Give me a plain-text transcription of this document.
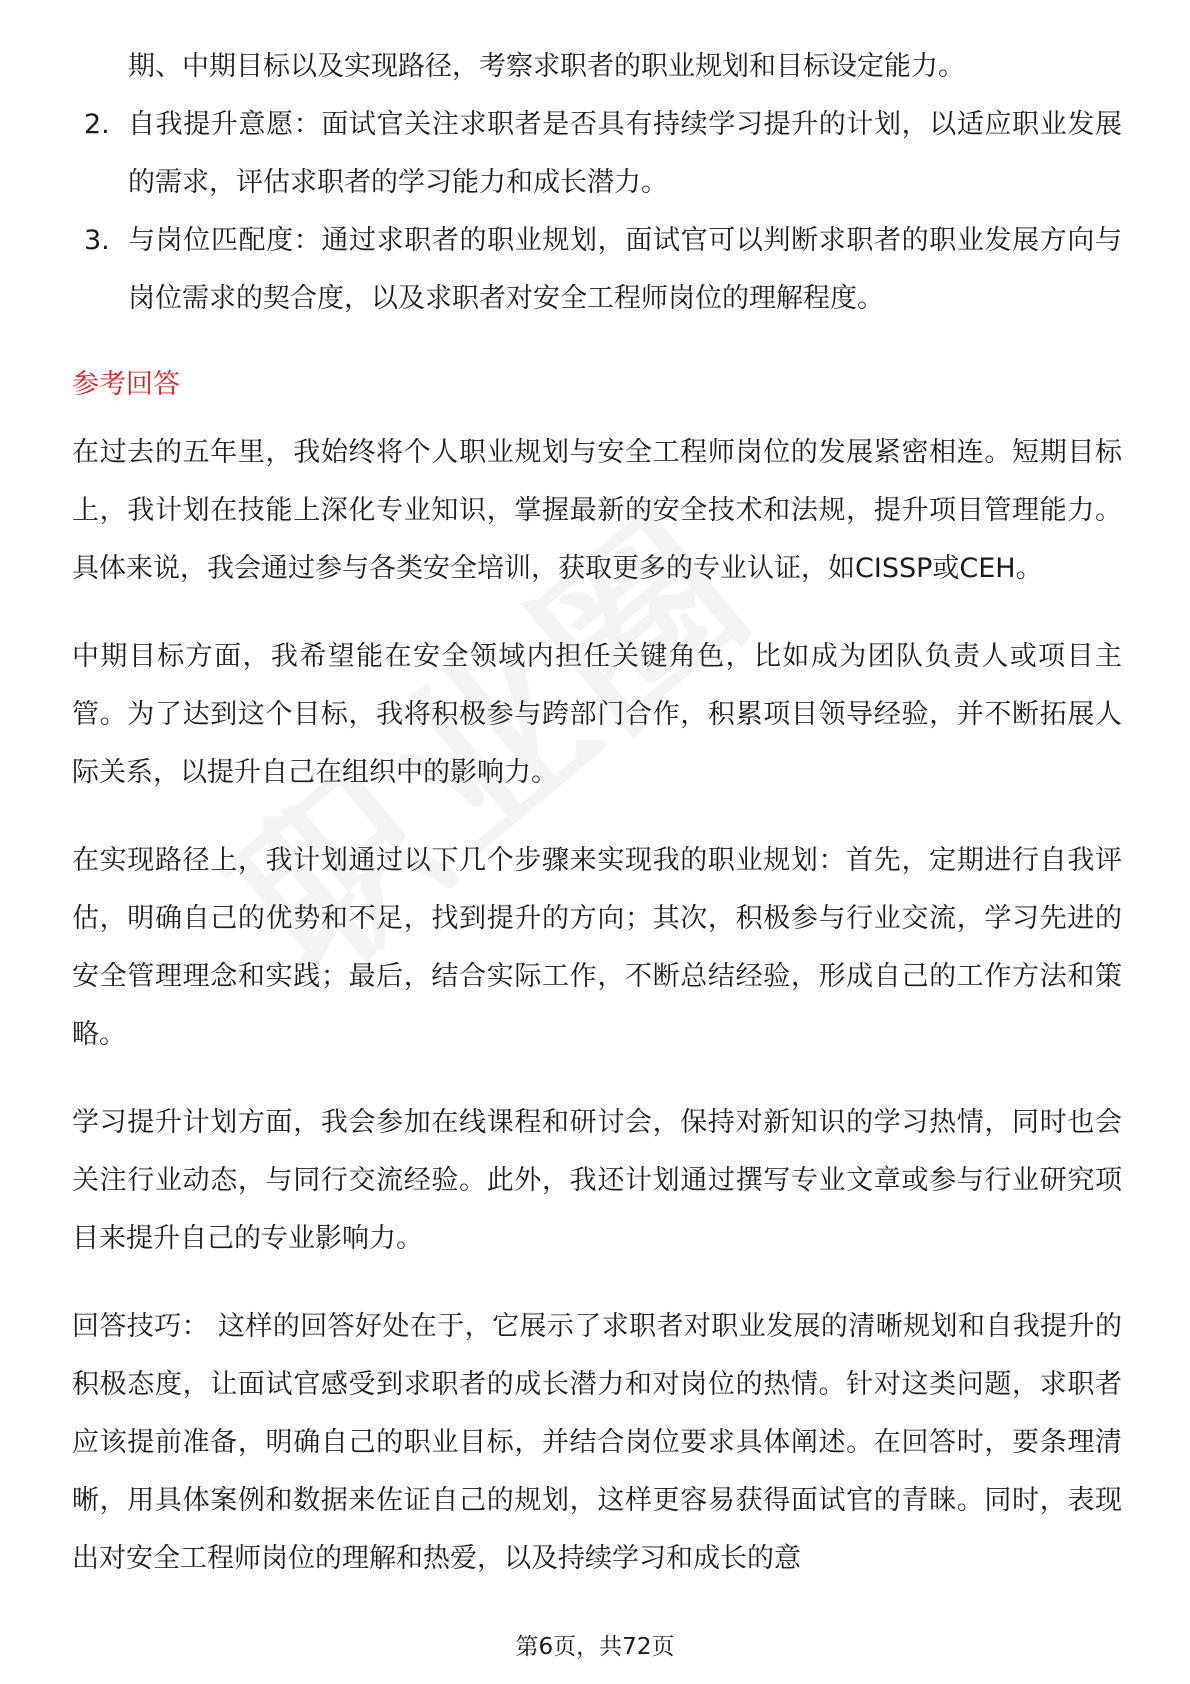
期、中期目标以及实现路径，考察求职者的职业规划和目标设定能力。
2. 自我提升意愿：面试官关注求职者是否具有持续学习提升的计划，以适应职业发展的需求，评估求职者的学习能力和成长潜力。
3. 与岗位匹配度：通过求职者的职业规划，面试官可以判断求职者的职业发展方向与岗位需求的契合度，以及求职者对安全工程师岗位的理解程度。
参考回答

在过去的五年里，我始终将个人职业规划与安全工程师岗位的发展紧密相连。短期目标上，我计划在技能上深化专业知识，掌握最新的安全技术和法规，提升项目管理能力。具体来说，我会通过参与各类安全培训，获取更多的专业认证，如CISSP或CEH。

中期目标方面，我希望能在安全领域内担任关键角色，比如成为团队负责人或项目主管。为了达到这个目标，我将积极参与跨部门合作，积累项目领导经验，并不断拓展人际关系，以提升自己在组织中的影响力。

在实现路径上，我计划通过以下几个步骤来实现我的职业规划：首先，定期进行自我评估，明确自己的优势和不足，找到提升的方向；其次，积极参与行业交流，学习先进的安全管理理念和实践；最后，结合实际工作，不断总结经验，形成自己的工作方法和策略。

学习提升计划方面，我会参加在线课程和研讨会，保持对新知识的学习热情，同时也会关注行业动态，与同行交流经验。此外，我还计划通过撰写专业文章或参与行业研究项目来提升自己的专业影响力。

回答技巧： 这样的回答好处在于，它展示了求职者对职业发展的清晰规划和自我提升的积极态度，让面试官感受到求职者的成长潜力和对岗位的热情。针对这类问题，求职者应该提前准备，明确自己的职业目标，并结合岗位要求具体阐述。在回答时，要条理清晰，用具体案例和数据来佐证自己的规划，这样更容易获得面试官的青睐。同时，表现出对安全工程师岗位的理解和热爱，以及持续学习和成长的意

第6页，共72页
